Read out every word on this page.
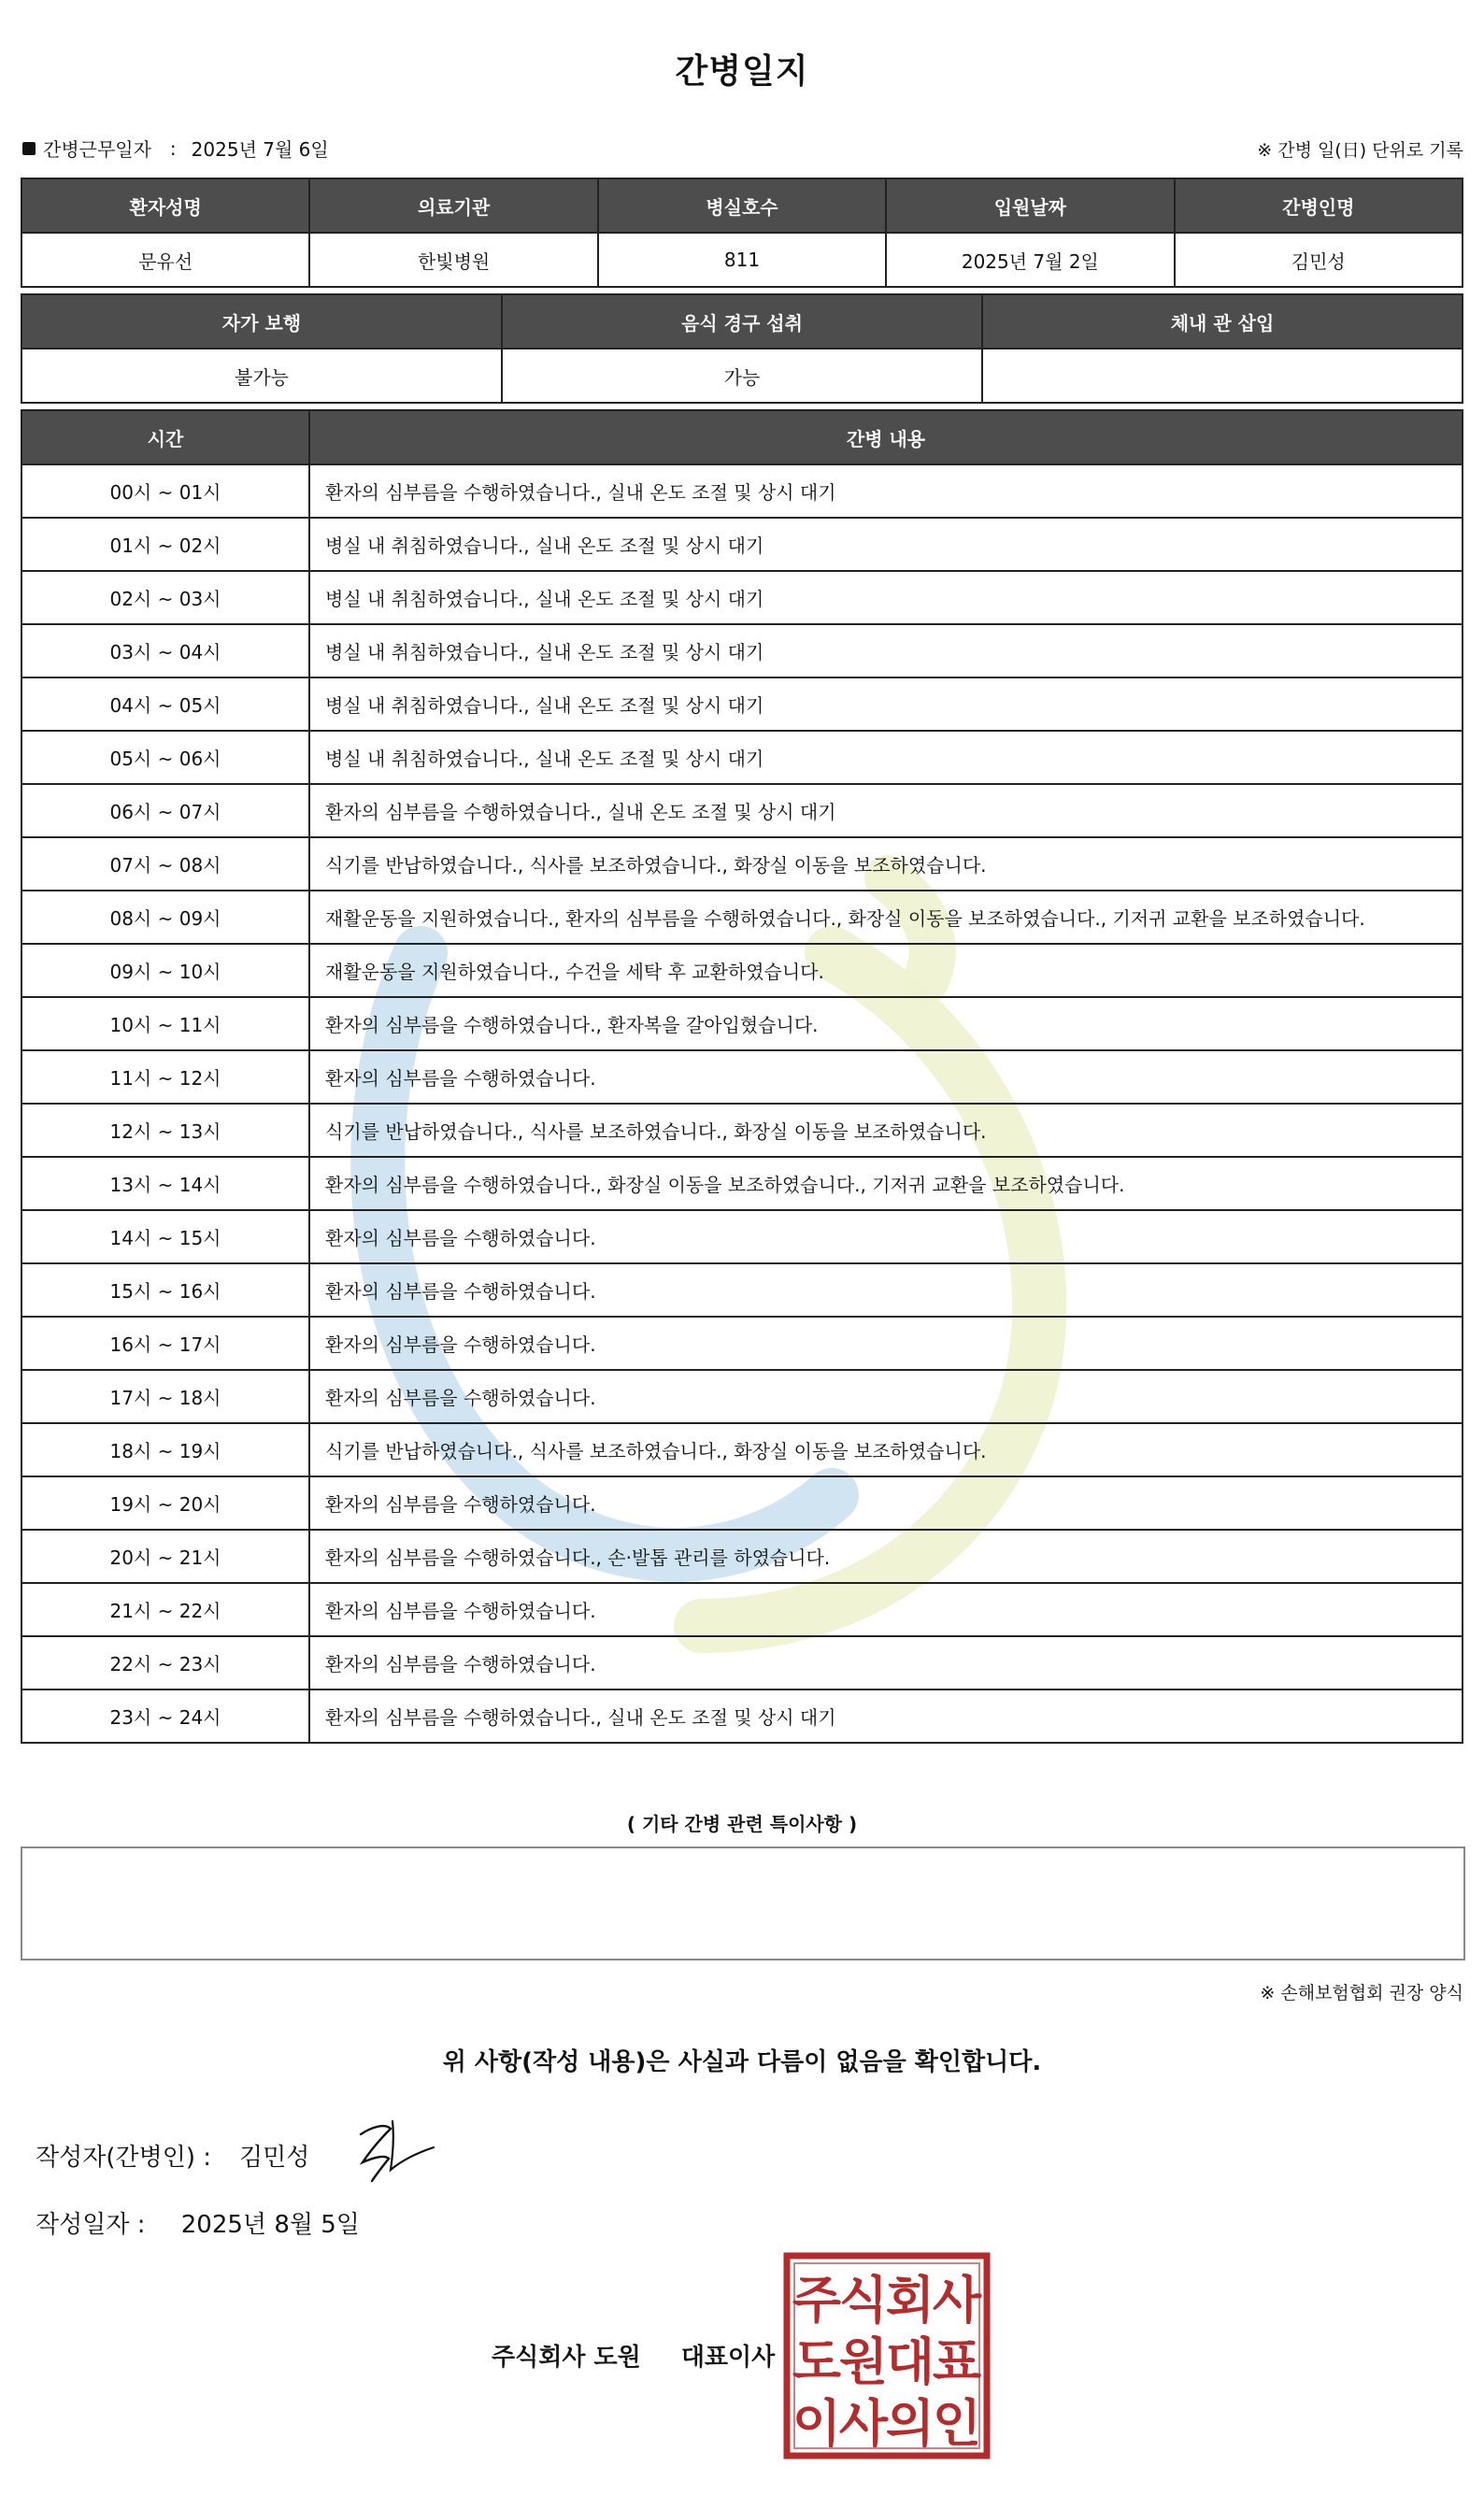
간병일지
간병근무일자 : 2025년 7월 6일	※ 간병 일(日) 단위로 기록
환자성명	의료기관	병실호수	입원날짜	간병인명
문유선	한빛병원	811	2025년 7월 2일	김민성
자가 보행	음식 경구 섭취	체내 관 삽입
불가능	가능	
시간	간병 내용
00시 ~ 01시	환자의 심부름을 수행하였습니다., 실내 온도 조절 및 상시 대기
01시 ~ 02시	병실 내 취침하였습니다., 실내 온도 조절 및 상시 대기
02시 ~ 03시	병실 내 취침하였습니다., 실내 온도 조절 및 상시 대기
03시 ~ 04시	병실 내 취침하였습니다., 실내 온도 조절 및 상시 대기
04시 ~ 05시	병실 내 취침하였습니다., 실내 온도 조절 및 상시 대기
05시 ~ 06시	병실 내 취침하였습니다., 실내 온도 조절 및 상시 대기
06시 ~ 07시	환자의 심부름을 수행하였습니다., 실내 온도 조절 및 상시 대기
07시 ~ 08시	식기를 반납하였습니다., 식사를 보조하였습니다., 화장실 이동을 보조하였습니다.
08시 ~ 09시	재활운동을 지원하였습니다., 환자의 심부름을 수행하였습니다., 화장실 이동을 보조하였습니다., 기저귀 교환을 보조하였습니다.
09시 ~ 10시	재활운동을 지원하였습니다., 수건을 세탁 후 교환하였습니다.
10시 ~ 11시	환자의 심부름을 수행하였습니다., 환자복을 갈아입혔습니다.
11시 ~ 12시	환자의 심부름을 수행하였습니다.
12시 ~ 13시	식기를 반납하였습니다., 식사를 보조하였습니다., 화장실 이동을 보조하였습니다.
13시 ~ 14시	환자의 심부름을 수행하였습니다., 화장실 이동을 보조하였습니다., 기저귀 교환을 보조하였습니다.
14시 ~ 15시	환자의 심부름을 수행하였습니다.
15시 ~ 16시	환자의 심부름을 수행하였습니다.
16시 ~ 17시	환자의 심부름을 수행하였습니다.
17시 ~ 18시	환자의 심부름을 수행하였습니다.
18시 ~ 19시	식기를 반납하였습니다., 식사를 보조하였습니다., 화장실 이동을 보조하였습니다.
19시 ~ 20시	환자의 심부름을 수행하였습니다.
20시 ~ 21시	환자의 심부름을 수행하였습니다., 손·발톱 관리를 하였습니다.
21시 ~ 22시	환자의 심부름을 수행하였습니다.
22시 ~ 23시	환자의 심부름을 수행하였습니다.
23시 ~ 24시	환자의 심부름을 수행하였습니다., 실내 온도 조절 및 상시 대기
( 기타 간병 관련 특이사항 )
※ 손해보험협회 권장 양식
위 사항(작성 내용)은 사실과 다름이 없음을 확인합니다.
작성자(간병인) : 김민성
작성일자 : 2025년 8월 5일
주식회사 도원 대표이사
주
식
회
사
도
원
대
표
이
사
의
인
